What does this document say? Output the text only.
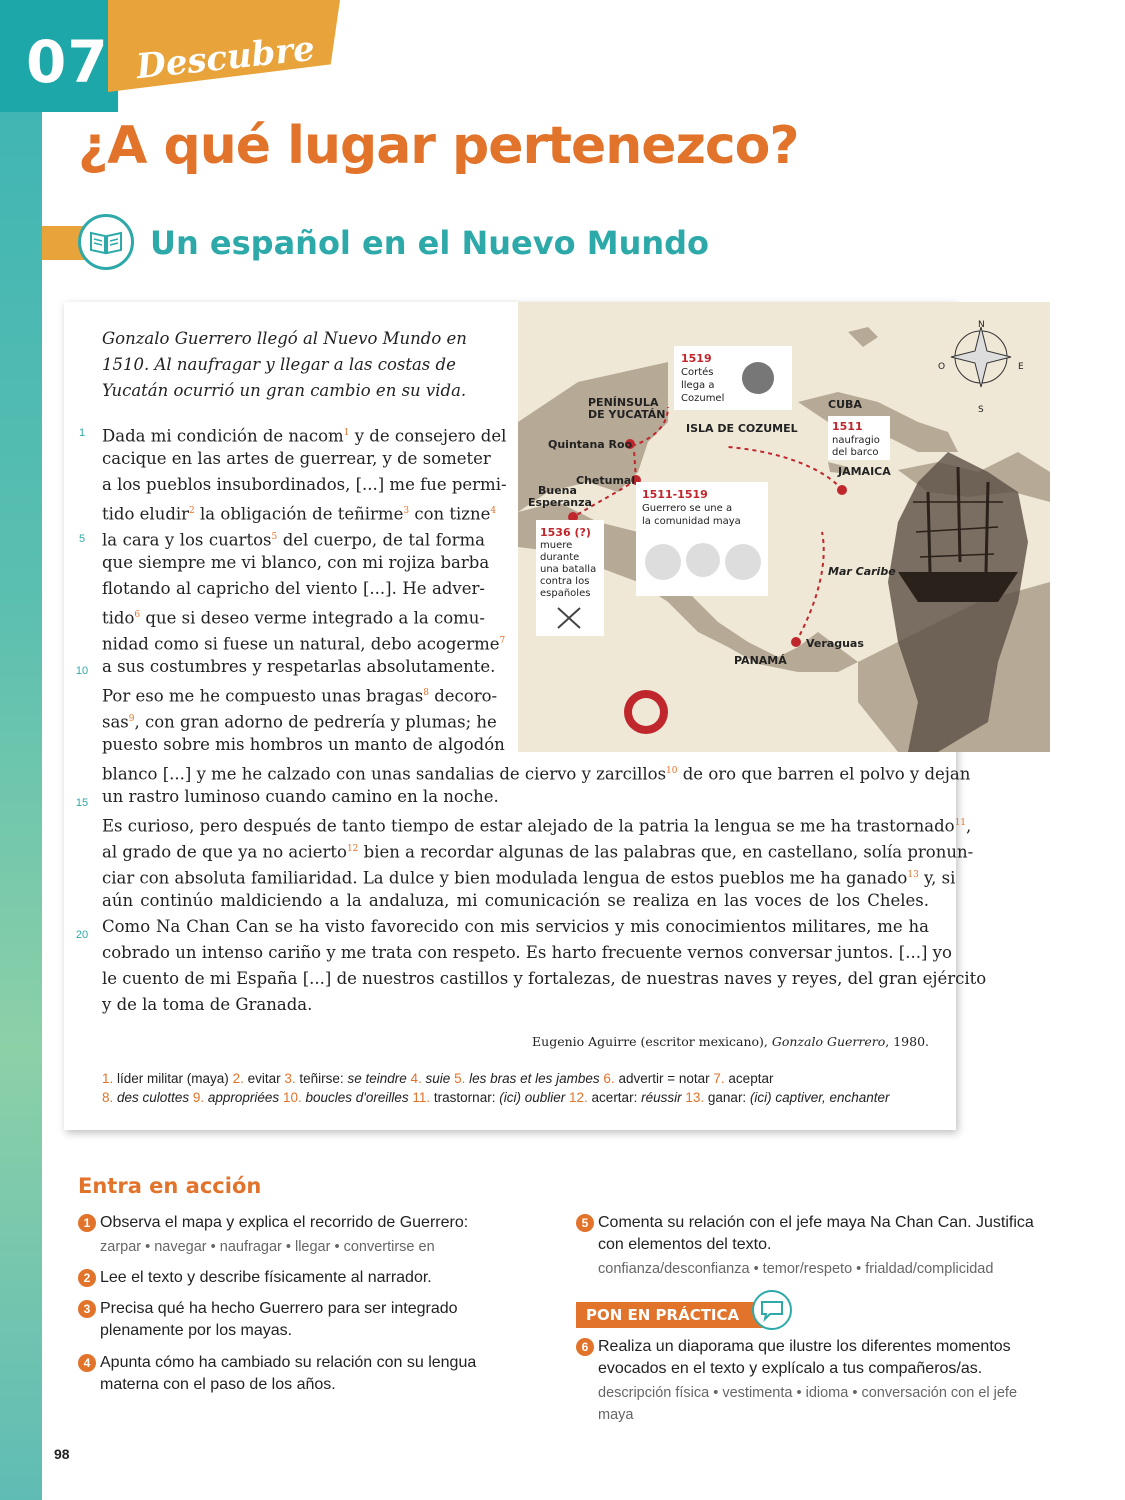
07 Descubre
¿A qué lugar pertenezco?
Un español en el Nuevo Mundo
N
E
S
O
PENÍNSULA
DE YUCATÁN
Quintana Roo
Chetumal
Buena
Esperanza
ISLA DE COZUMEL
CUBA
JAMAICA
Mar Caribe
Veraguas
PANAMÁ
1519
Cortés
llega a
Cozumel
1511
naufragio
del barco
1511-1519
Guerrero se une a
la comunidad maya
1536 (?)
muere
durante
una batalla
contra los
españoles

Gonzalo Guerrero llegó al Nuevo Mundo en 1510. Al naufragar y llegar a las costas de Yucatán ocurrió un gran cambio en su vida.

1
5
10
15
20
Dada mi condición de nacom$^1$ y de consejero del
cacique en las artes de guerrear, y de someter
a los pueblos insubordinados, [...] me fue permi-
tido eludir$^2$ la obligación de teñirme$^3$ con tizne$^4$
la cara y los cuartos$^5$ del cuerpo, de tal forma
que siempre me vi blanco, con mi rojiza barba
flotando al capricho del viento [...]. He adver-
tido$^6$ que si deseo verme integrado a la comu-
nidad como si fuese un natural, debo acogerme$^7$
a sus costumbres y respetarlas absolutamente.
Por eso me he compuesto unas bragas$^8$ decoro-
sas$^9$, con gran adorno de pedrería y plumas; he
puesto sobre mis hombros un manto de algodón
blanco [...] y me he calzado con unas sandalias de ciervo y zarcillos$^{10}$ de oro que barren el polvo y dejan
un rastro luminoso cuando camino en la noche.
Es curioso, pero después de tanto tiempo de estar alejado de la patria la lengua se me ha trastornado$^{11}$,
al grado de que ya no acierto$^{12}$ bien a recordar algunas de las palabras que, en castellano, solía pronun-
ciar con absoluta familiaridad. La dulce y bien modulada lengua de estos pueblos me ha ganado$^{13}$ y, si
aún continúo maldiciendo a la andaluza, mi comunicación se realiza en las voces de los Cheles.
Como Na Chan Can se ha visto favorecido con mis servicios y mis conocimientos militares, me ha
cobrado un intenso cariño y me trata con respeto. Es harto frecuente vernos conversar juntos. [...] yo
le cuento de mi España [...] de nuestros castillos y fortalezas, de nuestras naves y reyes, del gran ejército
y de la toma de Granada.
Eugenio Aguirre (escritor mexicano), Gonzalo Guerrero, 1980.
1. líder militar (maya) 2. evitar 3. teñirse: se teindre 4. suie 5. les bras et les jambes 6. advertir = notar 7. aceptar
8. des culottes 9. appropriées 10. boucles d'oreilles 11. trastornar: (ici) oublier 12. acertar: réussir 13. ganar: (ici) captiver, enchanter
Entra en acción
1 Observa el mapa y explica el recorrido de Guerrero:
zarpar • navegar • naufragar • llegar • convertirse en
2 Lee el texto y describe físicamente al narrador.
3 Precisa qué ha hecho Guerrero para ser integrado plenamente por los mayas.
4 Apunta cómo ha cambiado su relación con su lengua materna con el paso de los años.
5 Comenta su relación con el jefe maya Na Chan Can. Justifica con elementos del texto.
confianza/desconfianza • temor/respeto • frialdad/complicidad
PON EN PRÁCTICA
6 Realiza un diaporama que ilustre los diferentes momentos evocados en el texto y explícalo a tus compañeros/as.
descripción física • vestimenta • idioma • conversación con el jefe maya
98
